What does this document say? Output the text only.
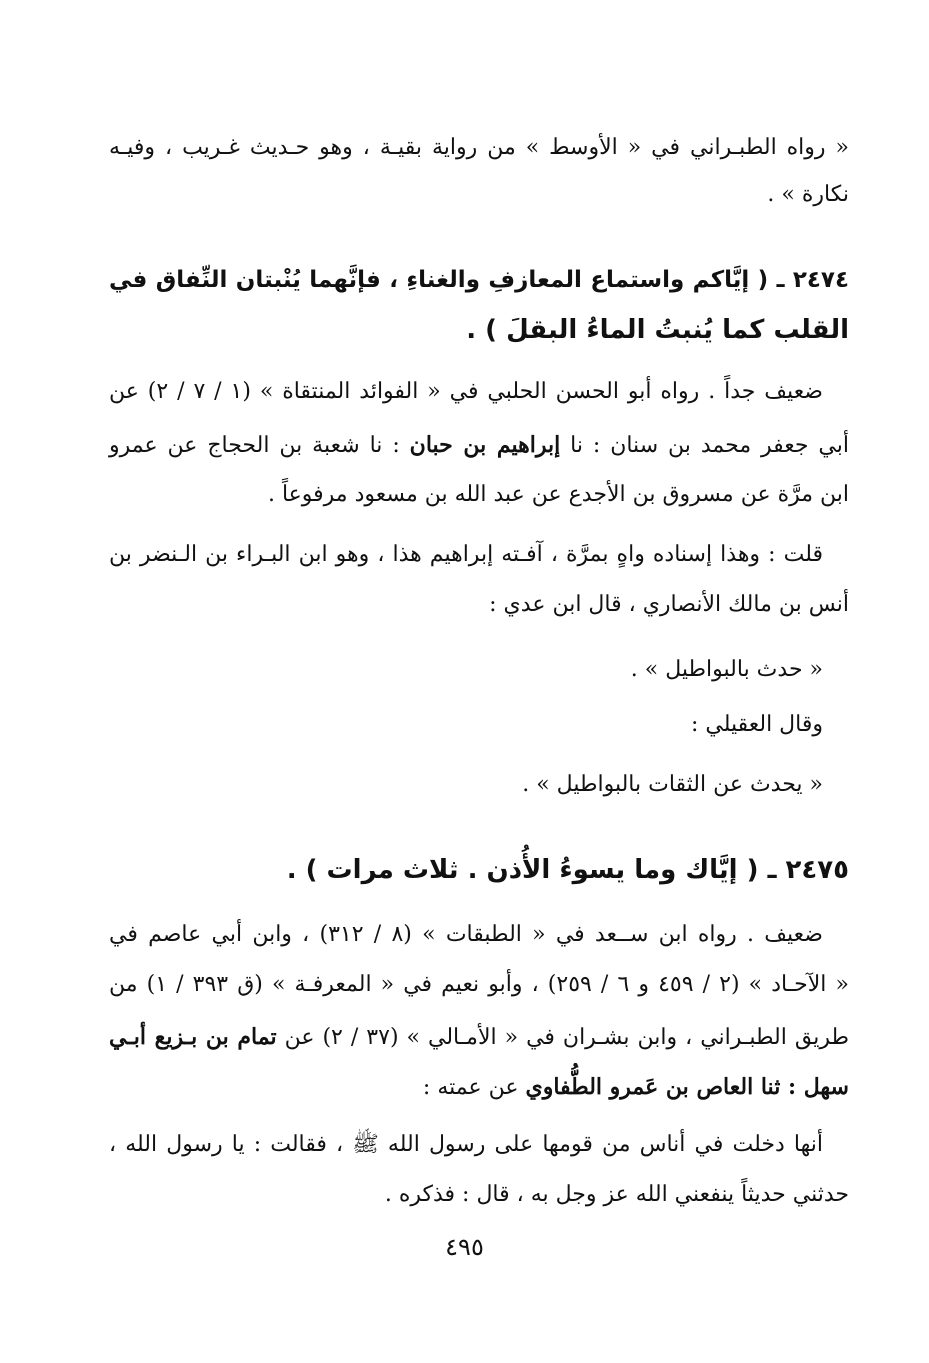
« رواه الطبـراني في « الأوسط » من رواية بقيـة ، وهو حـديث غـريب ، وفيـه
نكارة » .
٢٤٧٤ ـ ( إيَّاكم واستماع المعازفِ والغناءِ ، فإنَّهما يُنْبتان النِّفاق في
القلب كما يُنبتُ الماءُ البقلَ ) .
ضعيف جداً . رواه أبو الحسن الحلبي في « الفوائد المنتقاة » (١ / ٧ / ٢) عن
أبي جعفر محمد بن سنان : نا إبراهيم بن حبان : نا شعبة بن الحجاج عن عمرو
ابن مرَّة عن مسروق بن الأجدع عن عبد الله بن مسعود مرفوعاً .
قلت : وهذا إسناده واهٍ بمرَّة ، آفـته إبراهيم هذا ، وهو ابن البـراء بن الـنضر بن
أنس بن مالك الأنصاري ، قال ابن عدي :
« حدث بالبواطيل » .
وقال العقيلي :
« يحدث عن الثقات بالبواطيل » .
٢٤٧٥ ـ ( إيَّاك وما يسوءُ الأُذن . ثلاث مرات ) .
ضعيف . رواه ابن ســعد في « الطبقات » (٨ / ٣١٢) ، وابن أبي عاصم في
« الآحـاد » (٢ / ٤٥٩ و ٦ / ٢٥٩) ، وأبو نعيم في « المعرفـة » (ق ٣٩٣ / ١) من
طريق الطبـراني ، وابن بشـران في « الأمـالي » (٣٧ / ٢) عن تمام بن بـزيع أبـي
سهل : ثنا العاص بن عَمرو الطُّفاوي عن عمته :
أنها دخلت في أناس من قومها على رسول الله ﷺ ، فقالت : يا رسول الله ،
حدثني حديثاً ينفعني الله عز وجل به ، قال : فذكره .
٤٩٥
